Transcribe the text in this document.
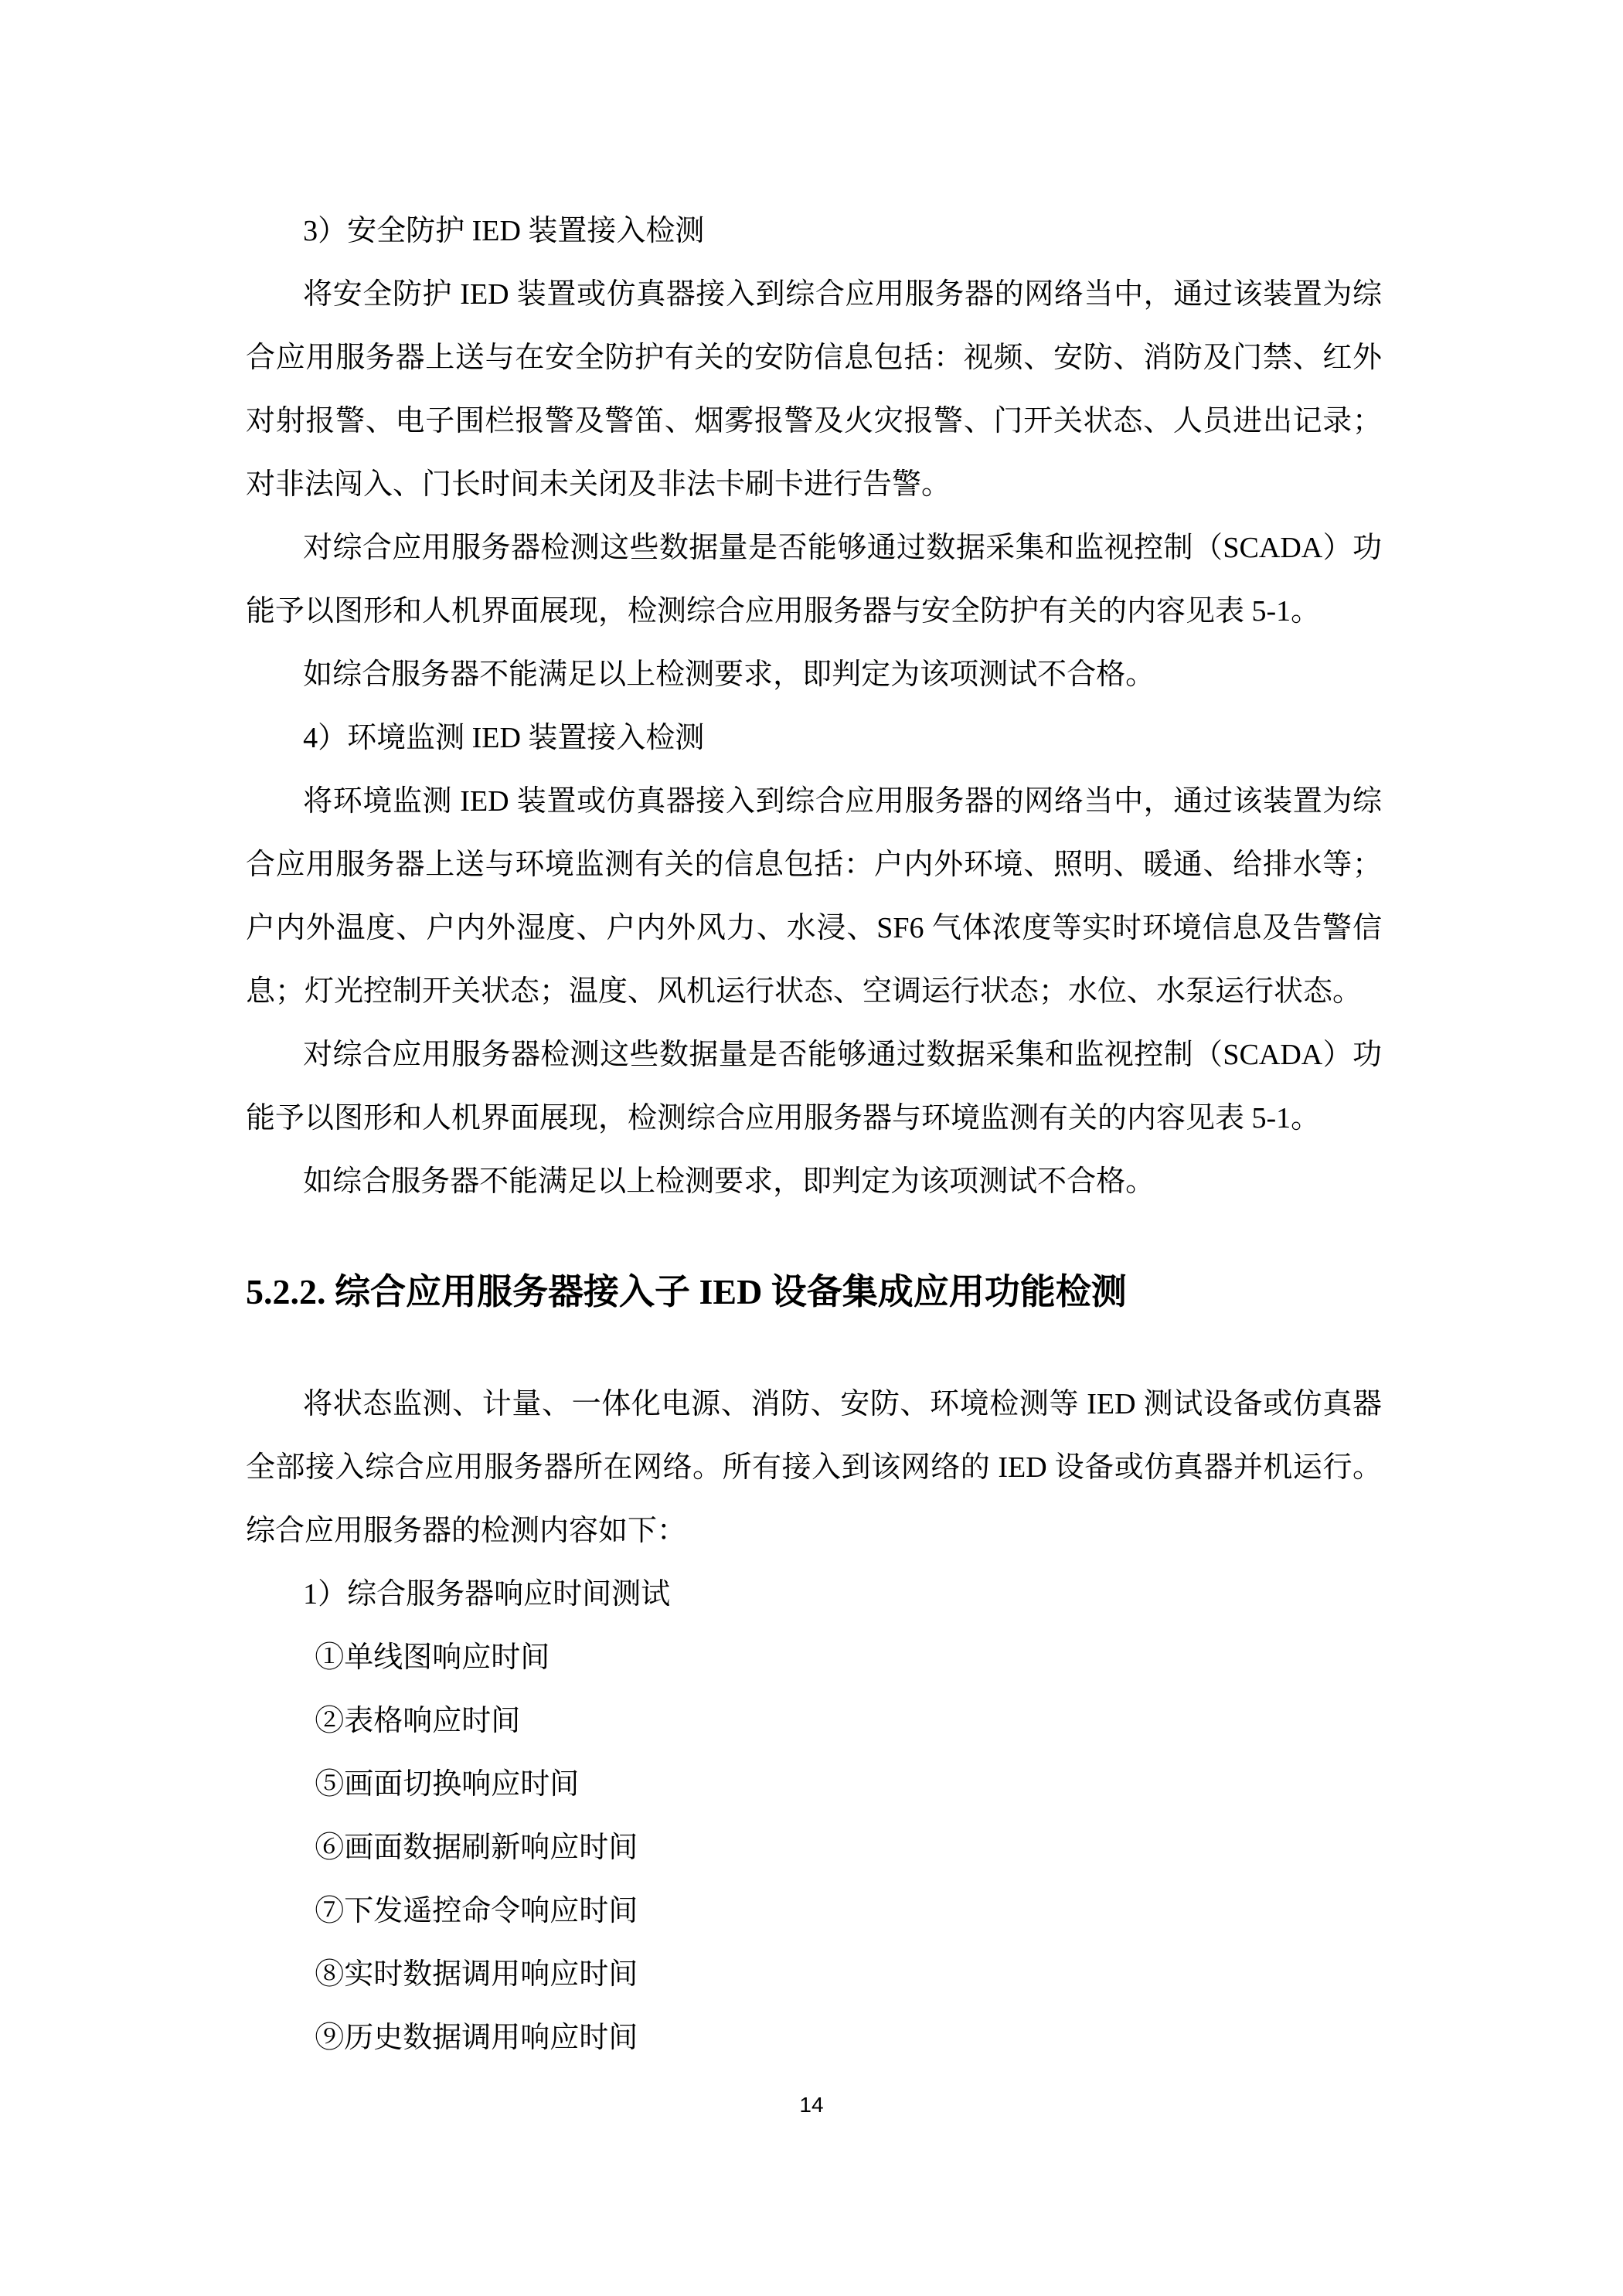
3）安全防护 IED 装置接入检测

将安全防护 IED 装置或仿真器接入到综合应用服务器的网络当中，通过该装置为综合应用服务器上送与在安全防护有关的安防信息包括：视频、安防、消防及门禁、红外对射报警、电子围栏报警及警笛、烟雾报警及火灾报警、门开关状态、人员进出记录；对非法闯入、门长时间未关闭及非法卡刷卡进行告警。

对综合应用服务器检测这些数据量是否能够通过数据采集和监视控制（SCADA）功能予以图形和人机界面展现，检测综合应用服务器与安全防护有关的内容见表 5-1。

如综合服务器不能满足以上检测要求，即判定为该项测试不合格。

4）环境监测 IED 装置接入检测

将环境监测 IED 装置或仿真器接入到综合应用服务器的网络当中，通过该装置为综合应用服务器上送与环境监测有关的信息包括：户内外环境、照明、暖通、给排水等；户内外温度、户内外湿度、户内外风力、水浸、SF6 气体浓度等实时环境信息及告警信息；灯光控制开关状态；温度、风机运行状态、空调运行状态；水位、水泵运行状态。

对综合应用服务器检测这些数据量是否能够通过数据采集和监视控制（SCADA）功能予以图形和人机界面展现，检测综合应用服务器与环境监测有关的内容见表 5-1。

如综合服务器不能满足以上检测要求，即判定为该项测试不合格。

5.2.2. 综合应用服务器接入子 IED 设备集成应用功能检测

将状态监测、计量、一体化电源、消防、安防、环境检测等 IED 测试设备或仿真器全部接入综合应用服务器所在网络。所有接入到该网络的 IED 设备或仿真器并机运行。综合应用服务器的检测内容如下：

1）综合服务器响应时间测试

①单线图响应时间

②表格响应时间

⑤画面切换响应时间

⑥画面数据刷新响应时间

⑦下发遥控命令响应时间

⑧实时数据调用响应时间

⑨历史数据调用响应时间

14
